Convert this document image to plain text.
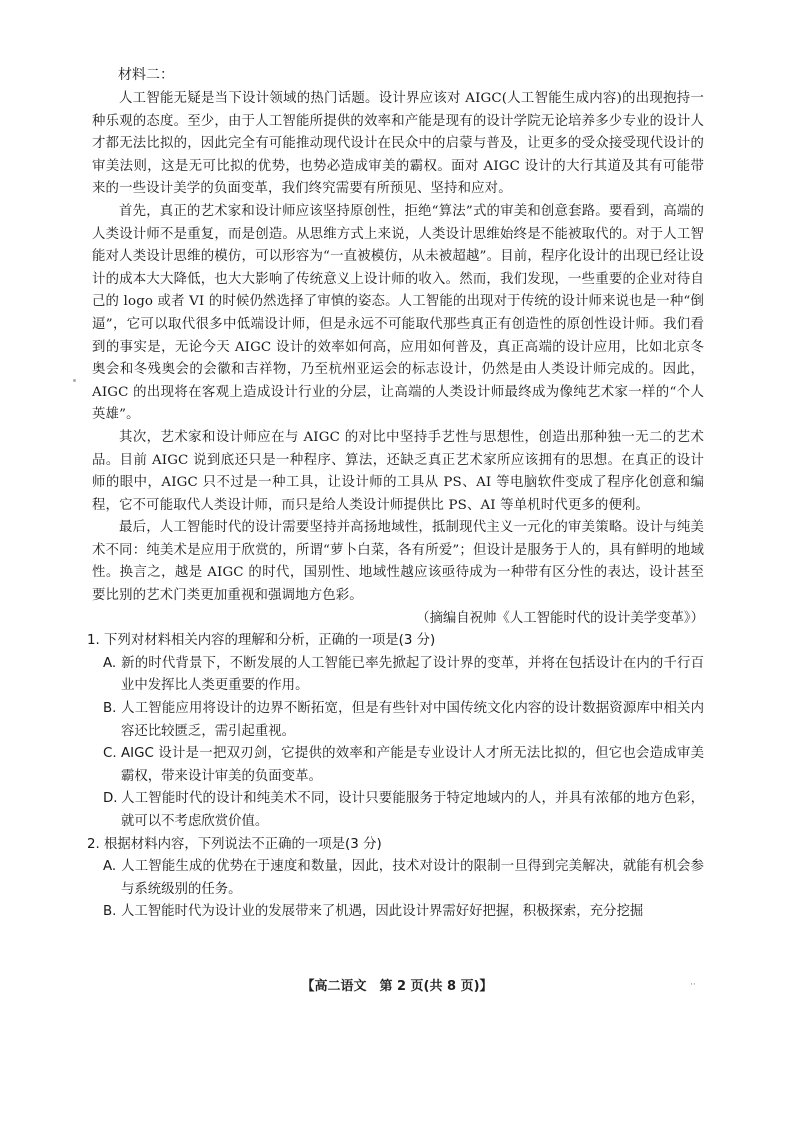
材料二：

人工智能无疑是当下设计领域的热门话题。设计界应该对 AIGC(人工智能生成内容)的出现抱持一种乐观的态度。至少，由于人工智能所提供的效率和产能是现有的设计学院无论培养多少专业的设计人才都无法比拟的，因此完全有可能推动现代设计在民众中的启蒙与普及，让更多的受众接受现代设计的审美法则，这是无可比拟的优势，也势必造成审美的霸权。面对 AIGC 设计的大行其道及其有可能带来的一些设计美学的负面变革，我们终究需要有所预见、坚持和应对。

首先，真正的艺术家和设计师应该坚持原创性，拒绝“算法”式的审美和创意套路。要看到，高端的人类设计师不是重复，而是创造。从思维方式上来说，人类设计思维始终是不能被取代的。对于人工智能对人类设计思维的模仿，可以形容为“一直被模仿，从未被超越”。目前，程序化设计的出现已经让设计的成本大大降低，也大大影响了传统意义上设计师的收入。然而，我们发现，一些重要的企业对待自己的 logo 或者 VI 的时候仍然选择了审慎的姿态。人工智能的出现对于传统的设计师来说也是一种“倒逼”，它可以取代很多中低端设计师，但是永远不可能取代那些真正有创造性的原创性设计师。我们看到的事实是，无论今天 AIGC 设计的效率如何高，应用如何普及，真正高端的设计应用，比如北京冬奥会和冬残奥会的会徽和吉祥物，乃至杭州亚运会的标志设计，仍然是由人类设计师完成的。因此，AIGC 的出现将在客观上造成设计行业的分层，让高端的人类设计师最终成为像纯艺术家一样的“个人英雄”。

其次，艺术家和设计师应在与 AIGC 的对比中坚持手艺性与思想性，创造出那种独一无二的艺术品。目前 AIGC 说到底还只是一种程序、算法，还缺乏真正艺术家所应该拥有的思想。在真正的设计师的眼中，AIGC 只不过是一种工具，让设计师的工具从 PS、AI 等电脑软件变成了程序化创意和编程，它不可能取代人类设计师，而只是给人类设计师提供比 PS、AI 等单机时代更多的便利。

最后，人工智能时代的设计需要坚持并高扬地域性，抵制现代主义一元化的审美策略。设计与纯美术不同：纯美术是应用于欣赏的，所谓“萝卜白菜，各有所爱”；但设计是服务于人的，具有鲜明的地域性。换言之，越是 AIGC 的时代，国别性、地域性越应该亟待成为一种带有区分性的表达，设计甚至要比别的艺术门类更加重视和强调地方色彩。

（摘编自祝帅《人工智能时代的设计美学变革》）

1. 下列对材料相关内容的理解和分析，正确的一项是(3 分)

A. 新的时代背景下，不断发展的人工智能已率先掀起了设计界的变革，并将在包括设计在内的千行百业中发挥比人类更重要的作用。

B. 人工智能应用将设计的边界不断拓宽，但是有些针对中国传统文化内容的设计数据资源库中相关内容还比较匮乏，需引起重视。

C. AIGC 设计是一把双刃剑，它提供的效率和产能是专业设计人才所无法比拟的，但它也会造成审美霸权，带来设计审美的负面变革。

D. 人工智能时代的设计和纯美术不同，设计只要能服务于特定地域内的人，并具有浓郁的地方色彩，就可以不考虑欣赏价值。

2. 根据材料内容，下列说法不正确的一项是(3 分)

A. 人工智能生成的优势在于速度和数量，因此，技术对设计的限制一旦得到完美解决，就能有机会参与系统级别的任务。

B. 人工智能时代为设计业的发展带来了机遇，因此设计界需好好把握，积极探索，充分挖掘

【高二语文　第 2 页(共 8 页)】	··
